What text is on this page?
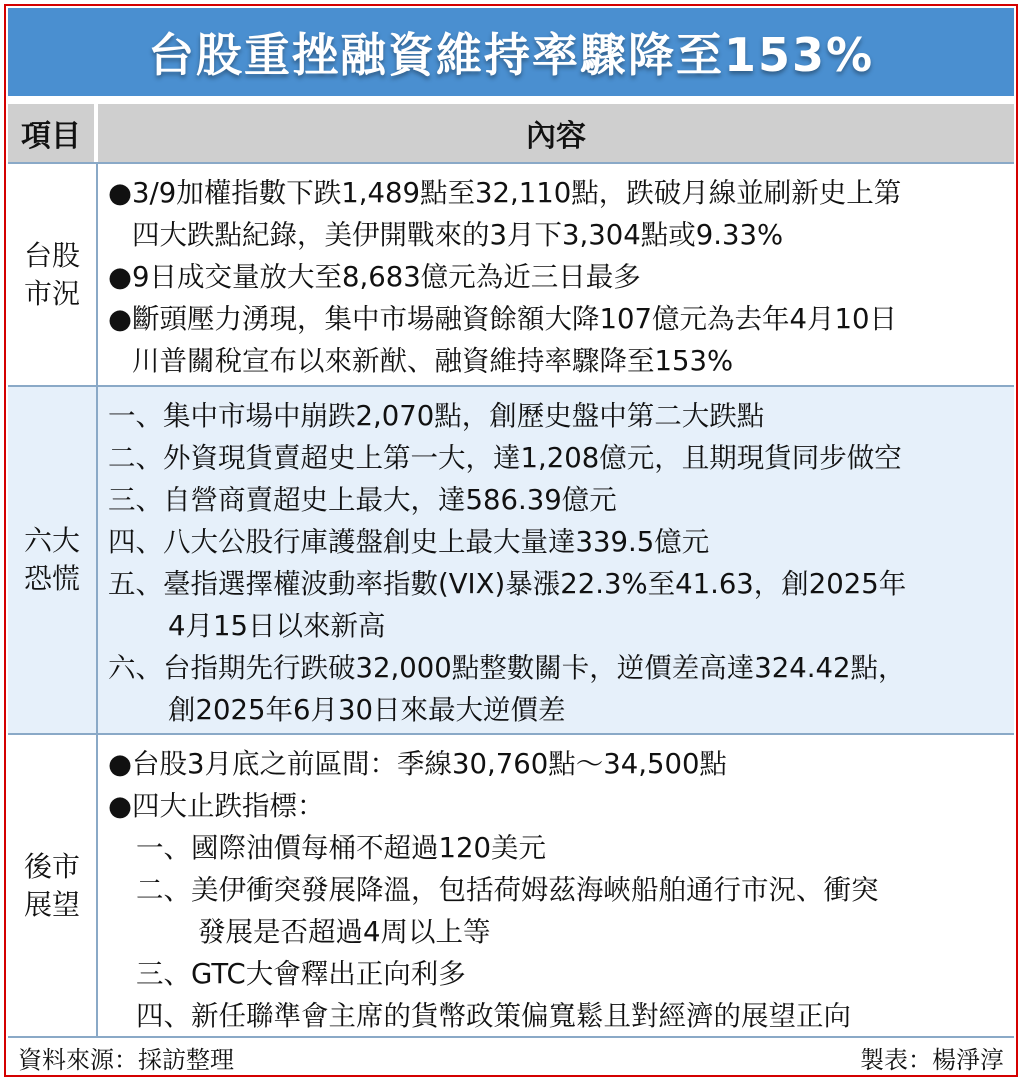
台股重挫融資維持率驟降至153%
項目	內容
台股
市況
●3/9加權指數下跌1,489點至32,110點，跌破月線並刷新史上第
四大跌點紀錄，美伊開戰來的3月下3,304點或9.33%
●9日成交量放大至8,683億元為近三日最多
●斷頭壓力湧現，集中市場融資餘額大降107億元為去年4月10日
川普關稅宣布以來新猷、融資維持率驟降至153%
六大
恐慌
一、集中市場中崩跌2,070點，創歷史盤中第二大跌點
二、外資現貨賣超史上第一大，達1,208億元，且期現貨同步做空
三、自營商賣超史上最大，達586.39億元
四、八大公股行庫護盤創史上最大量達339.5億元
五、臺指選擇權波動率指數(VIX)暴漲22.3%至41.63，創2025年
4月15日以來新高
六、台指期先行跌破32,000點整數關卡，逆價差高達324.42點，
創2025年6月30日來最大逆價差
後市
展望
●台股3月底之前區間：季線30,760點～34,500點
●四大止跌指標：
一、國際油價每桶不超過120美元
二、美伊衝突發展降溫，包括荷姆茲海峽船舶通行市況、衝突
發展是否超過4周以上等
三、GTC大會釋出正向利多
四、新任聯準會主席的貨幣政策偏寬鬆且對經濟的展望正向
資料來源：採訪整理	製表：楊淨淳
